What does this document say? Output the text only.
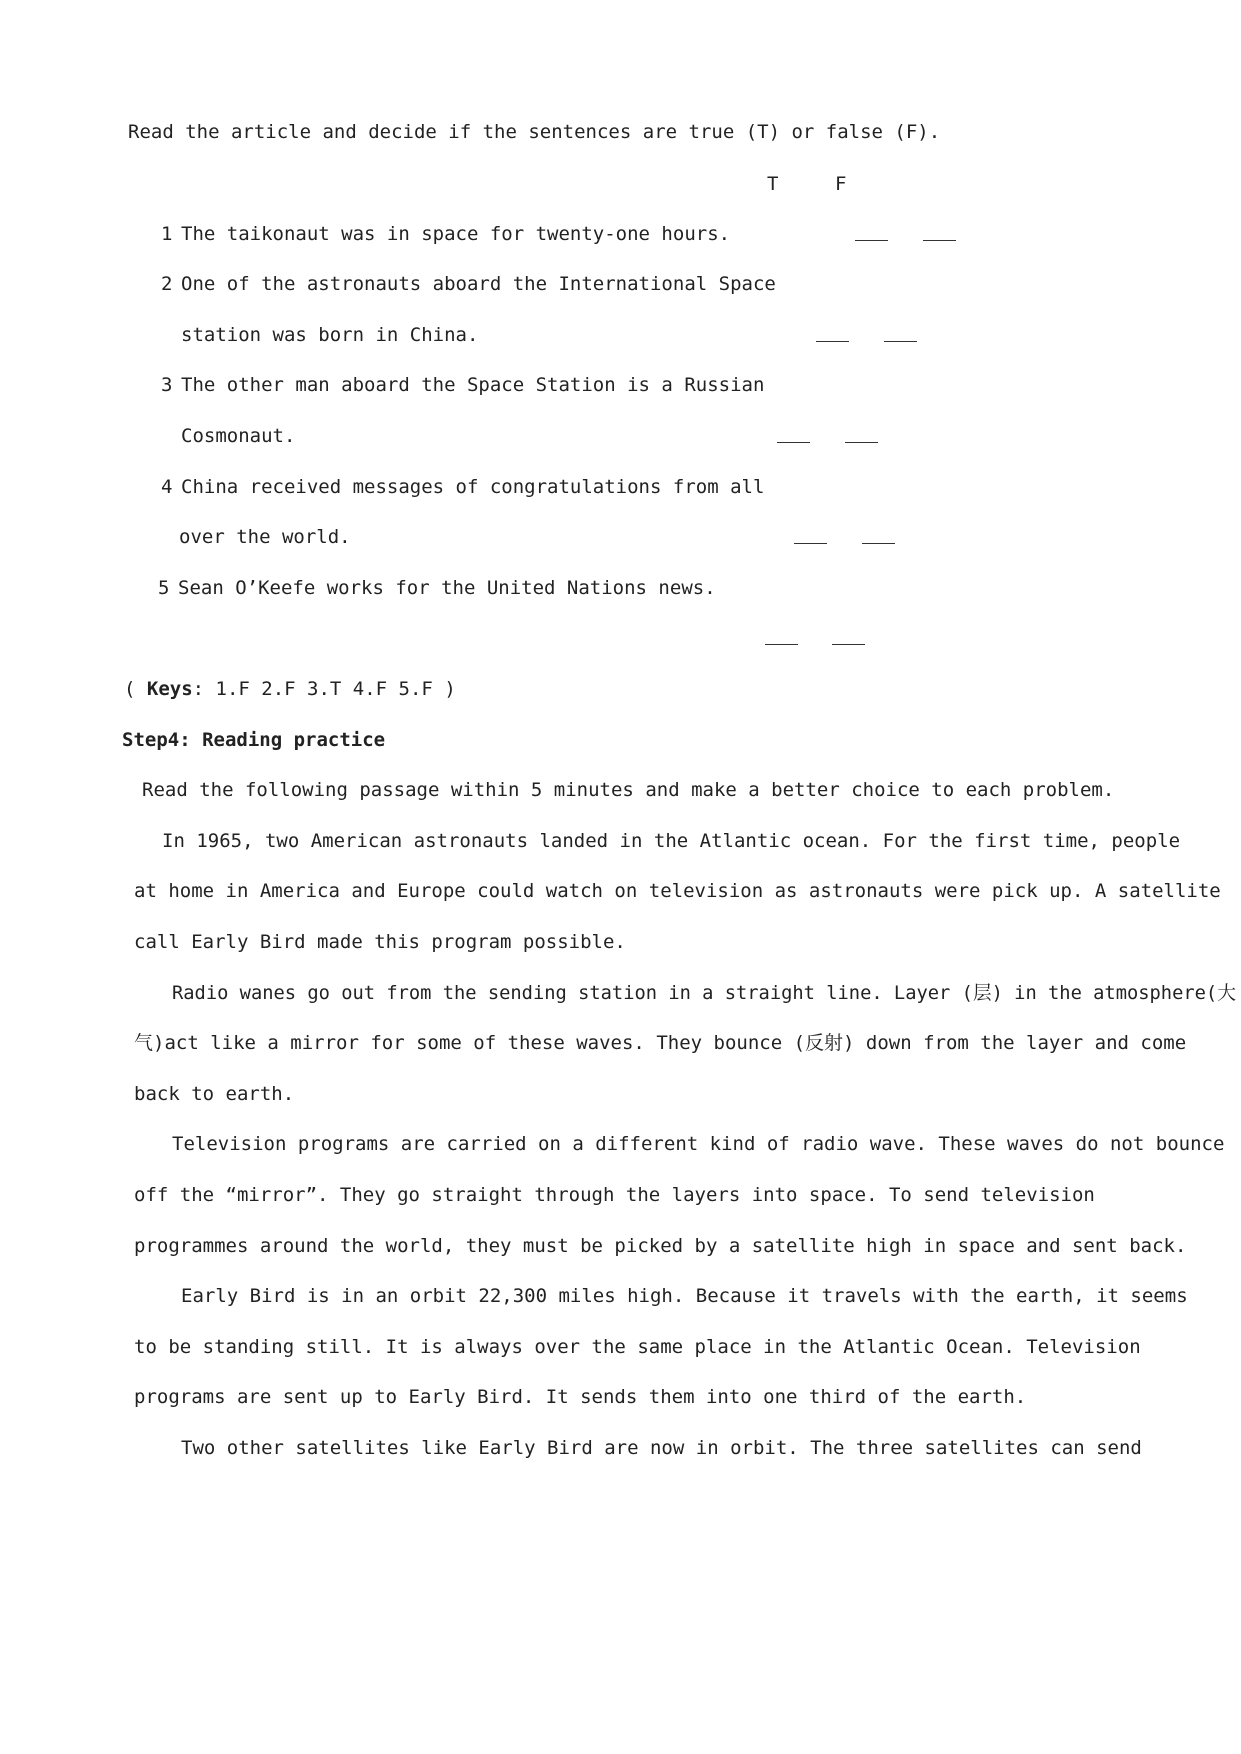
Read the article and decide if the sentences are true (T) or false (F).
T	F
1 The taikonaut was in space for twenty-one hours.
2 One of the astronauts aboard the International Space
station was born in China.
3 The other man aboard the Space Station is a Russian
Cosmonaut.
4 China received messages of congratulations from all
over the world.
5 Sean O’Keefe works for the United Nations news.
( Keys: 1.F 2.F 3.T 4.F 5.F )
Step4: Reading practice
Read the following passage within 5 minutes and make a better choice to each problem.
In 1965, two American astronauts landed in the Atlantic ocean. For the first time, people
at home in America and Europe could watch on television as astronauts were pick up. A satellite
call Early Bird made this program possible.
Radio wanes go out from the sending station in a straight line. Layer (层) in the atmosphere(大
气)act like a mirror for some of these waves. They bounce (反射) down from the layer and come
back to earth.
Television programs are carried on a different kind of radio wave. These waves do not bounce
off the “mirror”. They go straight through the layers into space. To send television
programmes around the world, they must be picked by a satellite high in space and sent back.
Early Bird is in an orbit 22,300 miles high. Because it travels with the earth, it seems
to be standing still. It is always over the same place in the Atlantic Ocean. Television
programs are sent up to Early Bird. It sends them into one third of the earth.
Two other satellites like Early Bird are now in orbit. The three satellites can send
